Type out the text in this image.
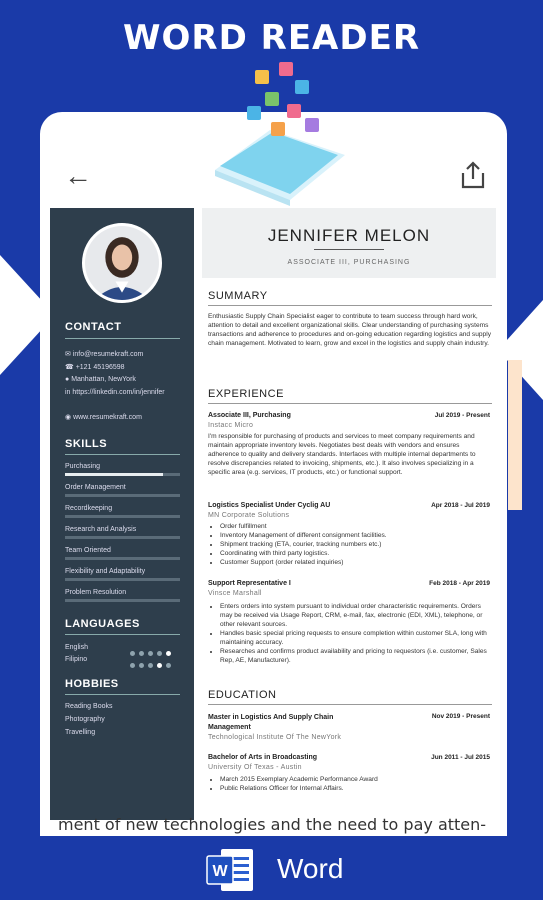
WORD READER
←
CONTACT
✉ info@resumekraft.com
☎ +121 45196598
● Manhattan, NewYork
in https://linkedin.com/in/jennifer
◉ www.resumekraft.com
SKILLS
Purchasing
Order Management
Recordkeeping
Research and Analysis
Team Oriented
Flexibility and Adaptability
Problem Resolution
LANGUAGES
English
Filipino
HOBBIES
Reading Books
Photography
Travelling
JENNIFER MELON
ASSOCIATE III, PURCHASING
SUMMARY
Enthusiastic Supply Chain Specialist eager to contribute to team success through hard work, attention to detail and excellent organizational skills. Clear understanding of purchasing systems transactions and adherence to procedures and on-going education regarding logistics and supply chain management. Motivated to learn, grow and excel in the logistics and supply chain industry.
EXPERIENCE
Associate III, Purchasing	Jul 2019 - Present
Instacc Micro
I'm responsible for purchasing of products and services to meet company requirements and maintain appropriate inventory levels. Negotiates best deals with vendors and ensures adherence to quality and delivery standards. Interfaces with multiple internal departments to resolve discrepancies related to invoicing, shipments, etc.). It also involves specializing in a specific area (e.g. services, IT products, etc.) or functional support.
Logistics Specialist Under Cyclig AU	Apr 2018 - Jul 2019
MN Corporate Solutions
• Order fulfillment
• Inventory Management of different consignment facilities.
• Shipment tracking (ETA, courier, tracking numbers etc.)
• Coordinating with third party logistics.
• Customer Support (order related inquiries)
Support Representative I	Feb 2018 - Apr 2019
Vinsce Marshall
• Enters orders into system pursuant to individual order characteristic requirements. Orders may be received via Usage Report, CRM, e-mail, fax, electronic (EDI, XML), telephone, or other relevant sources.
• Handles basic special pricing requests to ensure completion within customer SLA, long with maintaining accuracy.
• Researches and confirms product availability and pricing to requestors (i.e. customer, Sales Rep, AE, Manufacturer).
EDUCATION
Master in Logistics And Supply Chain Management
Nov 2019 - Present
Technological Institute Of The NewYork
Bachelor of Arts in Broadcasting	Jun 2011 - Jul 2015
University Of Texas - Austin
• March 2015 Exemplary Academic Performance Award
• Public Relations Officer for Internal Affairs.
ment of new technologies and the need to pay atten-
W Word
